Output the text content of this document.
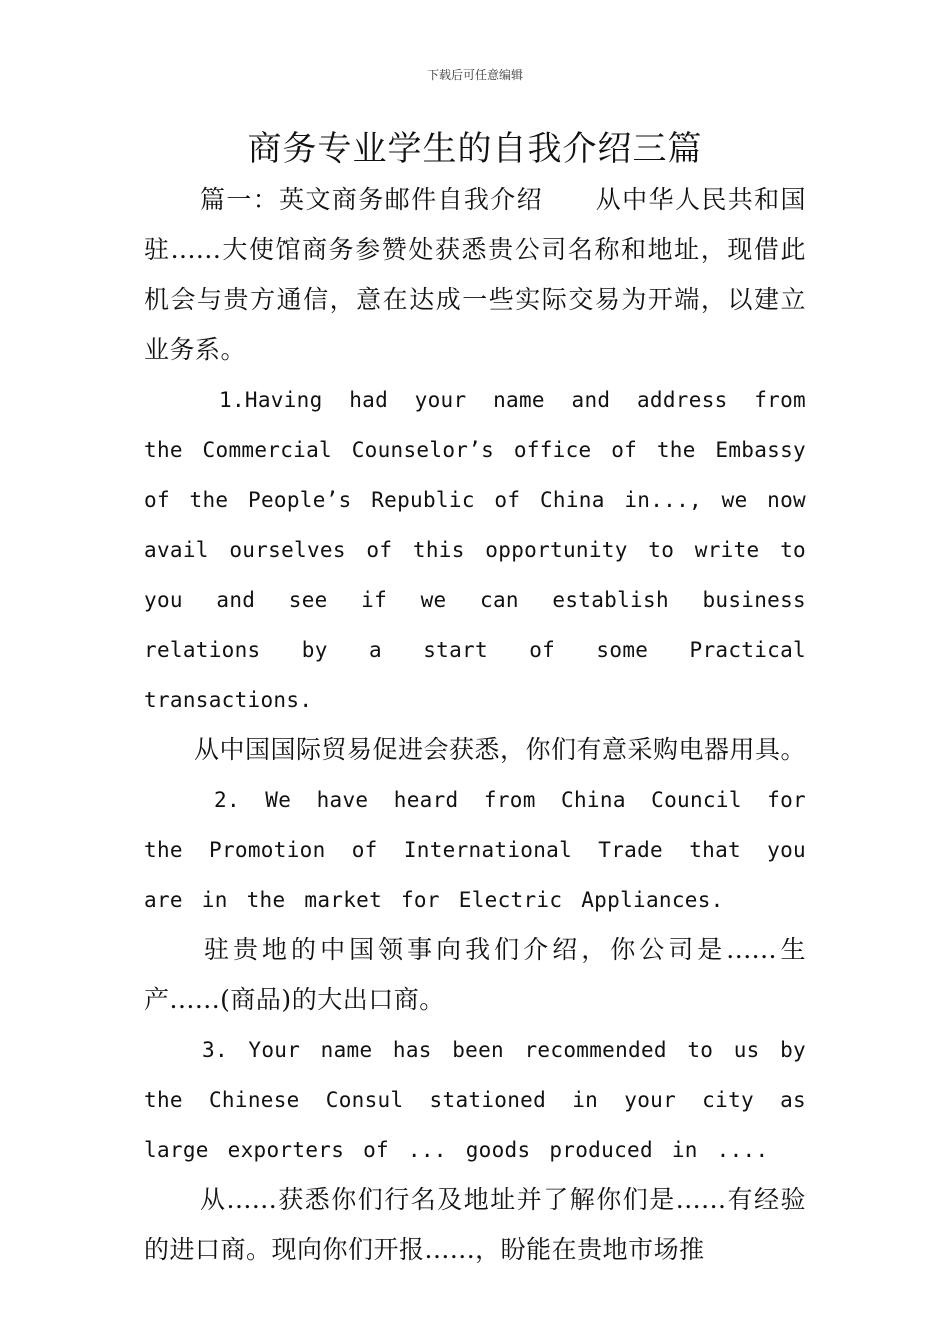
下载后可任意编辑
商务专业学生的自我介绍三篇

篇一：英文商务邮件自我介绍　　从中华人民共和国驻......大使馆商务参赞处获悉贵公司名称和地址，现借此机会与贵方通信，意在达成一些实际交易为开端，以建立业务系。

1.Having had your name and address from the Commercial Counselor’s office of the Embassy of the People’s Republic of China in..., we now avail ourselves of this opportunity to write to you and see if we can establish business relations by a start of some Practical transactions.

从中国国际贸易促进会获悉，你们有意采购电器用具。

2. We have heard from China Council for the Promotion of International Trade that you are in the market for Electric Appliances.

驻贵地的中国领事向我们介绍，你公司是......生产......(商品)的大出口商。

3. Your name has been recommended to us by the Chinese Consul stationed in your city as large exporters of ... goods produced in ....

从......获悉你们行名及地址并了解你们是......有经验的进口商。现向你们开报......，盼能在贵地市场推
